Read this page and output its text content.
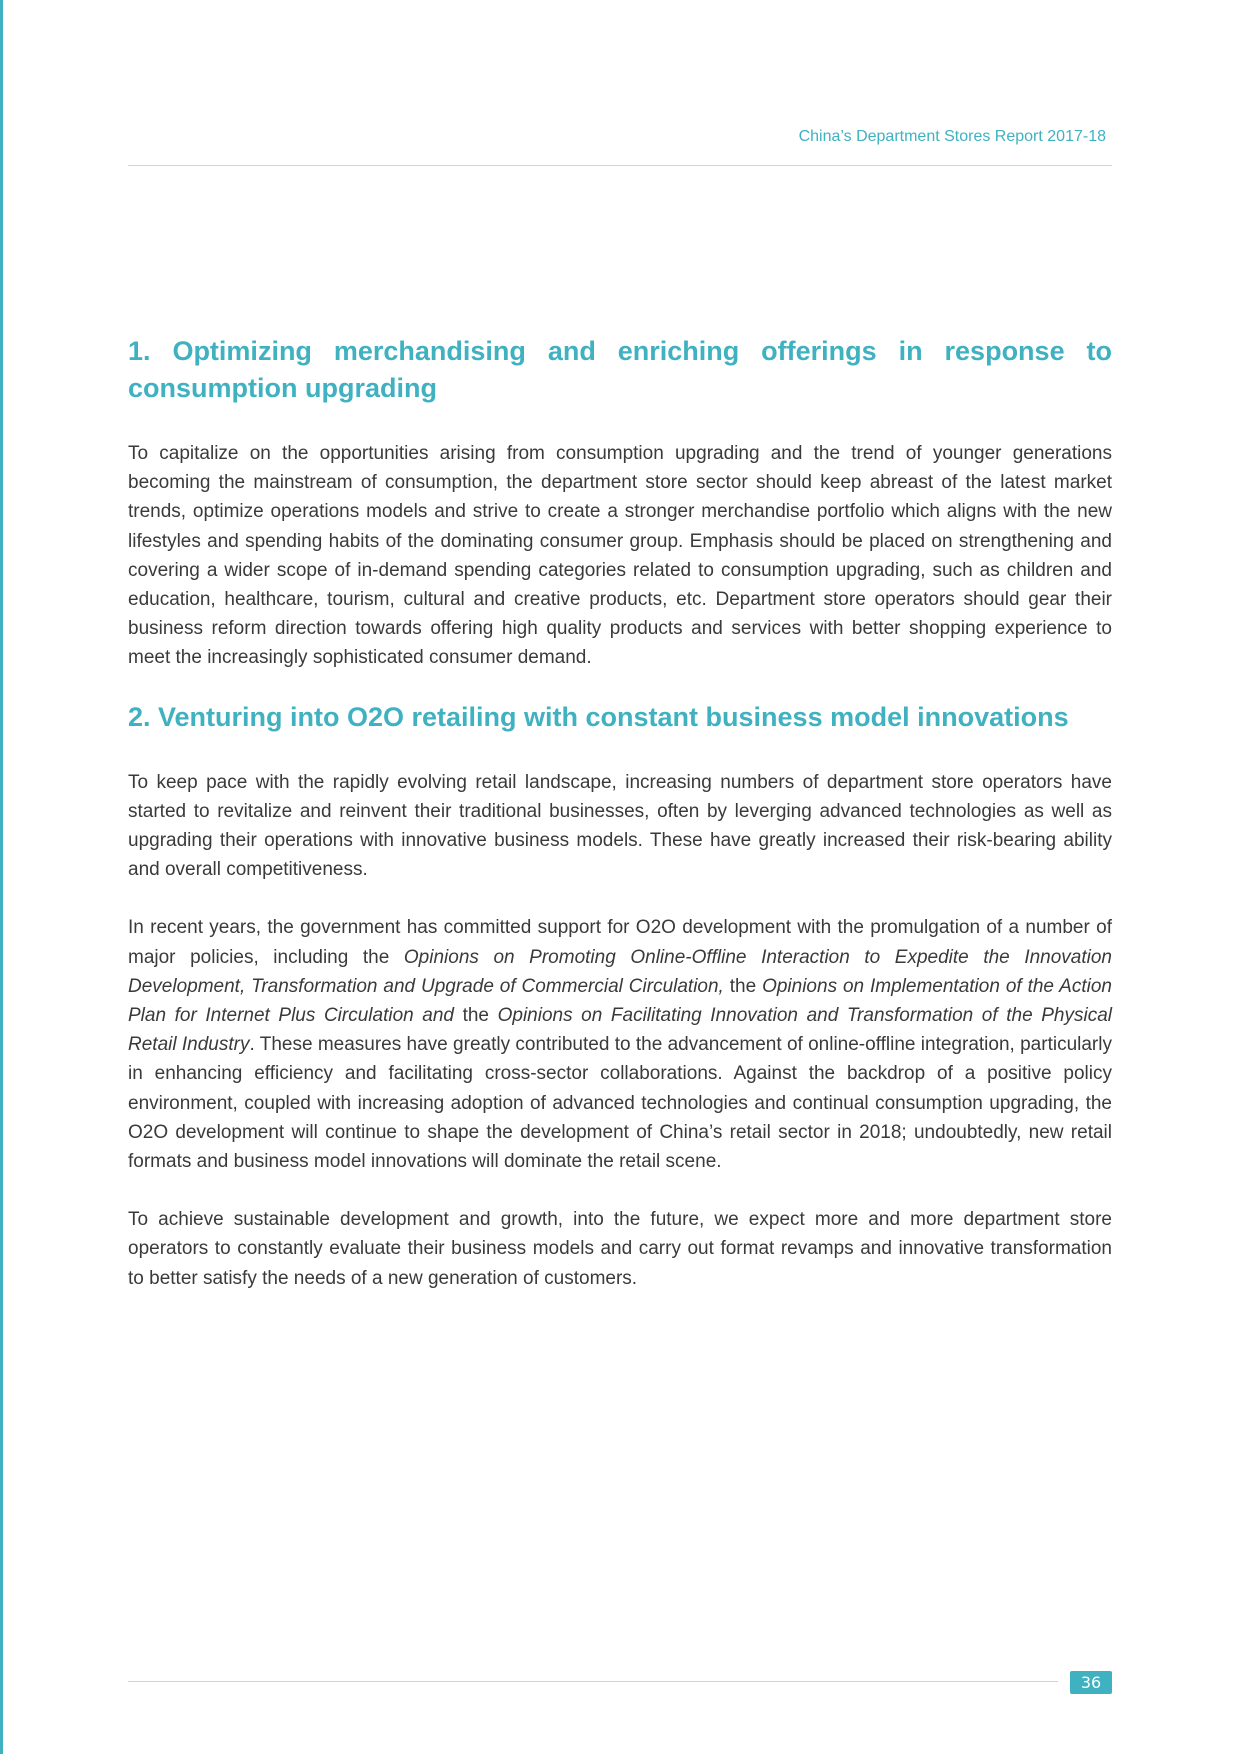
China’s Department Stores Report 2017-18
1. Optimizing merchandising and enriching offerings in response to consumption upgrading

To capitalize on the opportunities arising from consumption upgrading and the trend of younger generations becoming the mainstream of consumption, the department store sector should keep abreast of the latest market trends, optimize operations models and strive to create a stronger merchandise portfolio which aligns with the new lifestyles and spending habits of the dominating consumer group. Emphasis should be placed on strengthening and covering a wider scope of in-demand spending categories related to consumption upgrading, such as children and education, healthcare, tourism, cultural and creative products, etc. Department store operators should gear their business reform direction towards offering high quality products and services with better shopping experience to meet the increasingly sophisticated consumer demand.

2. Venturing into O2O retailing with constant business model innovations

To keep pace with the rapidly evolving retail landscape, increasing numbers of department store operators have started to revitalize and reinvent their traditional businesses, often by leverging advanced technologies as well as upgrading their operations with innovative business models. These have greatly increased their risk-bearing ability and overall competitiveness.

In recent years, the government has committed support for O2O development with the promulgation of a number of major policies, including the Opinions on Promoting Online-Offline Interaction to Expedite the Innovation Development, Transformation and Upgrade of Commercial Circulation, the Opinions on Implementation of the Action Plan for Internet Plus Circulation and the Opinions on Facilitating Innovation and Transformation of the Physical Retail Industry. These measures have greatly contributed to the advancement of online-offline integration, particularly in enhancing efficiency and facilitating cross-sector collaborations. Against the backdrop of a positive policy environment, coupled with increasing adoption of advanced technologies and continual consumption upgrading, the O2O development will continue to shape the development of China’s retail sector in 2018; undoubtedly, new retail formats and business model innovations will dominate the retail scene.

To achieve sustainable development and growth, into the future, we expect more and more department store operators to constantly evaluate their business models and carry out format revamps and innovative transformation to better satisfy the needs of a new generation of customers.

36
